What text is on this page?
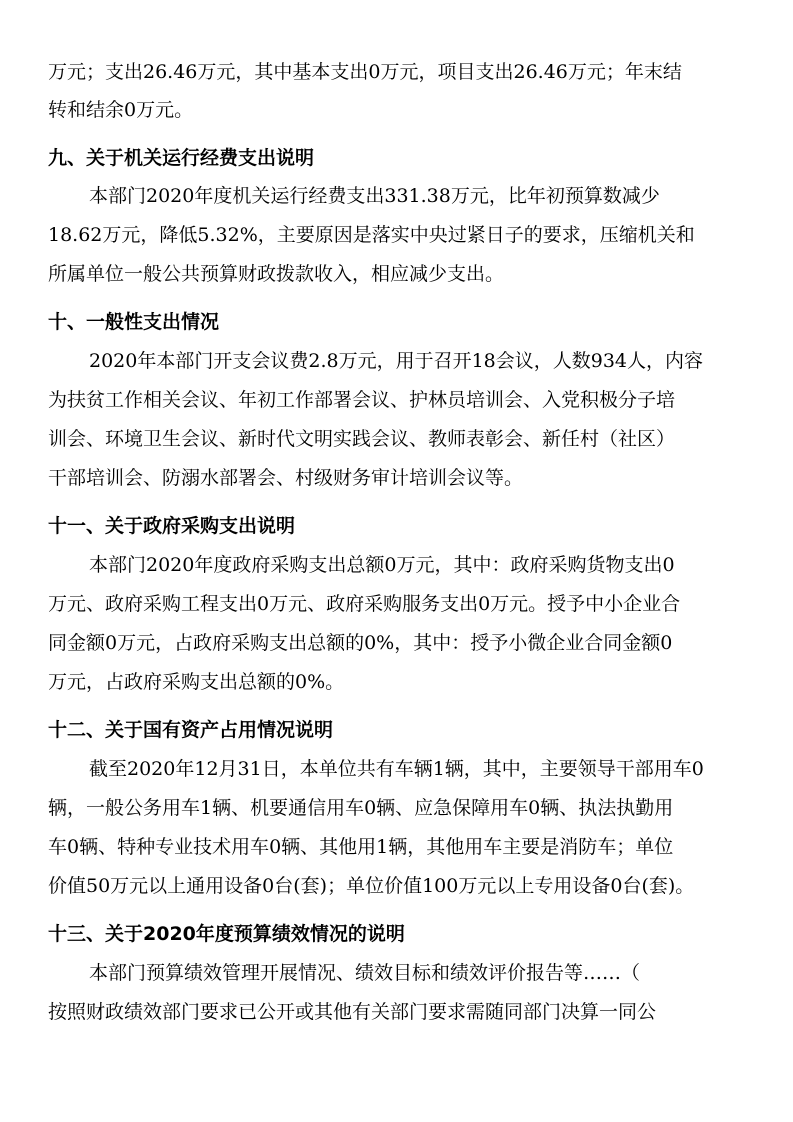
万元；支出26.46万元，其中基本支出0万元，项目支出26.46万元；年末结
转和结余0万元。
九、关于机关运行经费支出说明
本部门2020年度机关运行经费支出331.38万元，比年初预算数减少
18.62万元，降低5.32%，主要原因是落实中央过紧日子的要求，压缩机关和
所属单位一般公共预算财政拨款收入，相应减少支出。
十、一般性支出情况
2020年本部门开支会议费2.8万元，用于召开18会议，人数934人，内容
为扶贫工作相关会议、年初工作部署会议、护林员培训会、入党积极分子培
训会、环境卫生会议、新时代文明实践会议、教师表彰会、新任村（社区）
干部培训会、防溺水部署会、村级财务审计培训会议等。
十一、关于政府采购支出说明
本部门2020年度政府采购支出总额0万元，其中：政府采购货物支出0
万元、政府采购工程支出0万元、政府采购服务支出0万元。授予中小企业合
同金额0万元，占政府采购支出总额的0%，其中：授予小微企业合同金额0
万元，占政府采购支出总额的0%。
十二、关于国有资产占用情况说明
截至2020年12月31日，本单位共有车辆1辆，其中，主要领导干部用车0
辆，一般公务用车1辆、机要通信用车0辆、应急保障用车0辆、执法执勤用
车0辆、特种专业技术用车0辆、其他用1辆，其他用车主要是消防车；单位
价值50万元以上通用设备0台(套)；单位价值100万元以上专用设备0台(套)。
十三、关于2020年度预算绩效情况的说明
本部门预算绩效管理开展情况、绩效目标和绩效评价报告等……（
按照财政绩效部门要求已公开或其他有关部门要求需随同部门决算一同公
